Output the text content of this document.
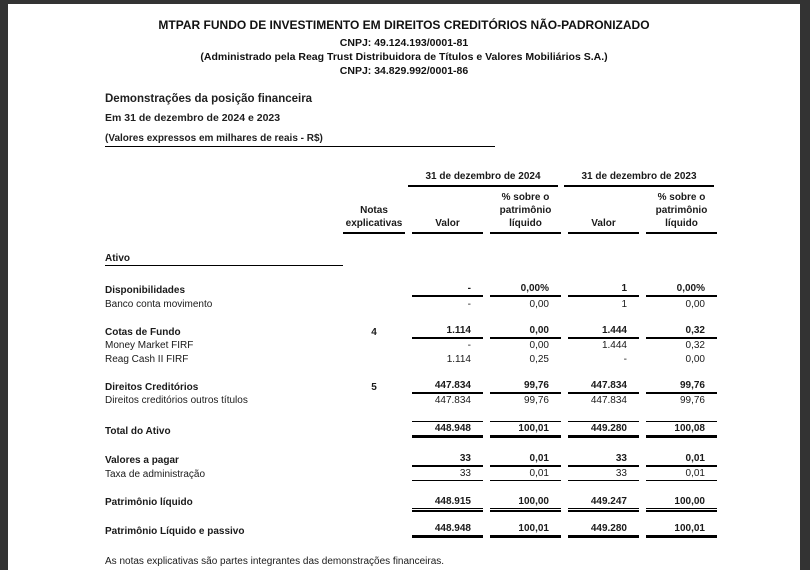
MTPAR FUNDO DE INVESTIMENTO EM DIREITOS CREDITÓRIOS NÃO-PADRONIZADO
CNPJ: 49.124.193/0001-81
(Administrado pela Reag Trust Distribuidora de Títulos e Valores Mobiliários S.A.)
CNPJ: 34.829.992/0001-86
Demonstrações da posição financeira
Em 31 de dezembro de 2024 e 2023
(Valores expressos em milhares de reais - R$)

		31 de dezembro de 2024		31 de dezembro de 2023	

	Notas
explicativas	Valor	% sobre o
patrimônio
líquido	Valor	% sobre o
patrimônio
líquido

Ativo					

Disponibilidades		-	0,00%	1	0,00%

Banco conta movimento		-	0,00	1	0,00

Cotas de Fundo	4	1.114	0,00	1.444	0,32

Money Market FIRF		-	0,00	1.444	0,32

Reag Cash II FIRF		1.114	0,25	-	0,00

Direitos Creditórios	5	447.834	99,76	447.834	99,76

Direitos creditórios outros títulos		447.834	99,76	447.834	99,76

Total do Ativo		448.948	100,01	449.280	100,08

Valores a pagar		33	0,01	33	0,01

Taxa de administração		33	0,01	33	0,01

Patrimônio líquido		448.915	100,00	449.247	100,00

Patrimônio Líquido e passivo		448.948	100,01	449.280	100,01
As notas explicativas são partes integrantes das demonstrações financeiras.
